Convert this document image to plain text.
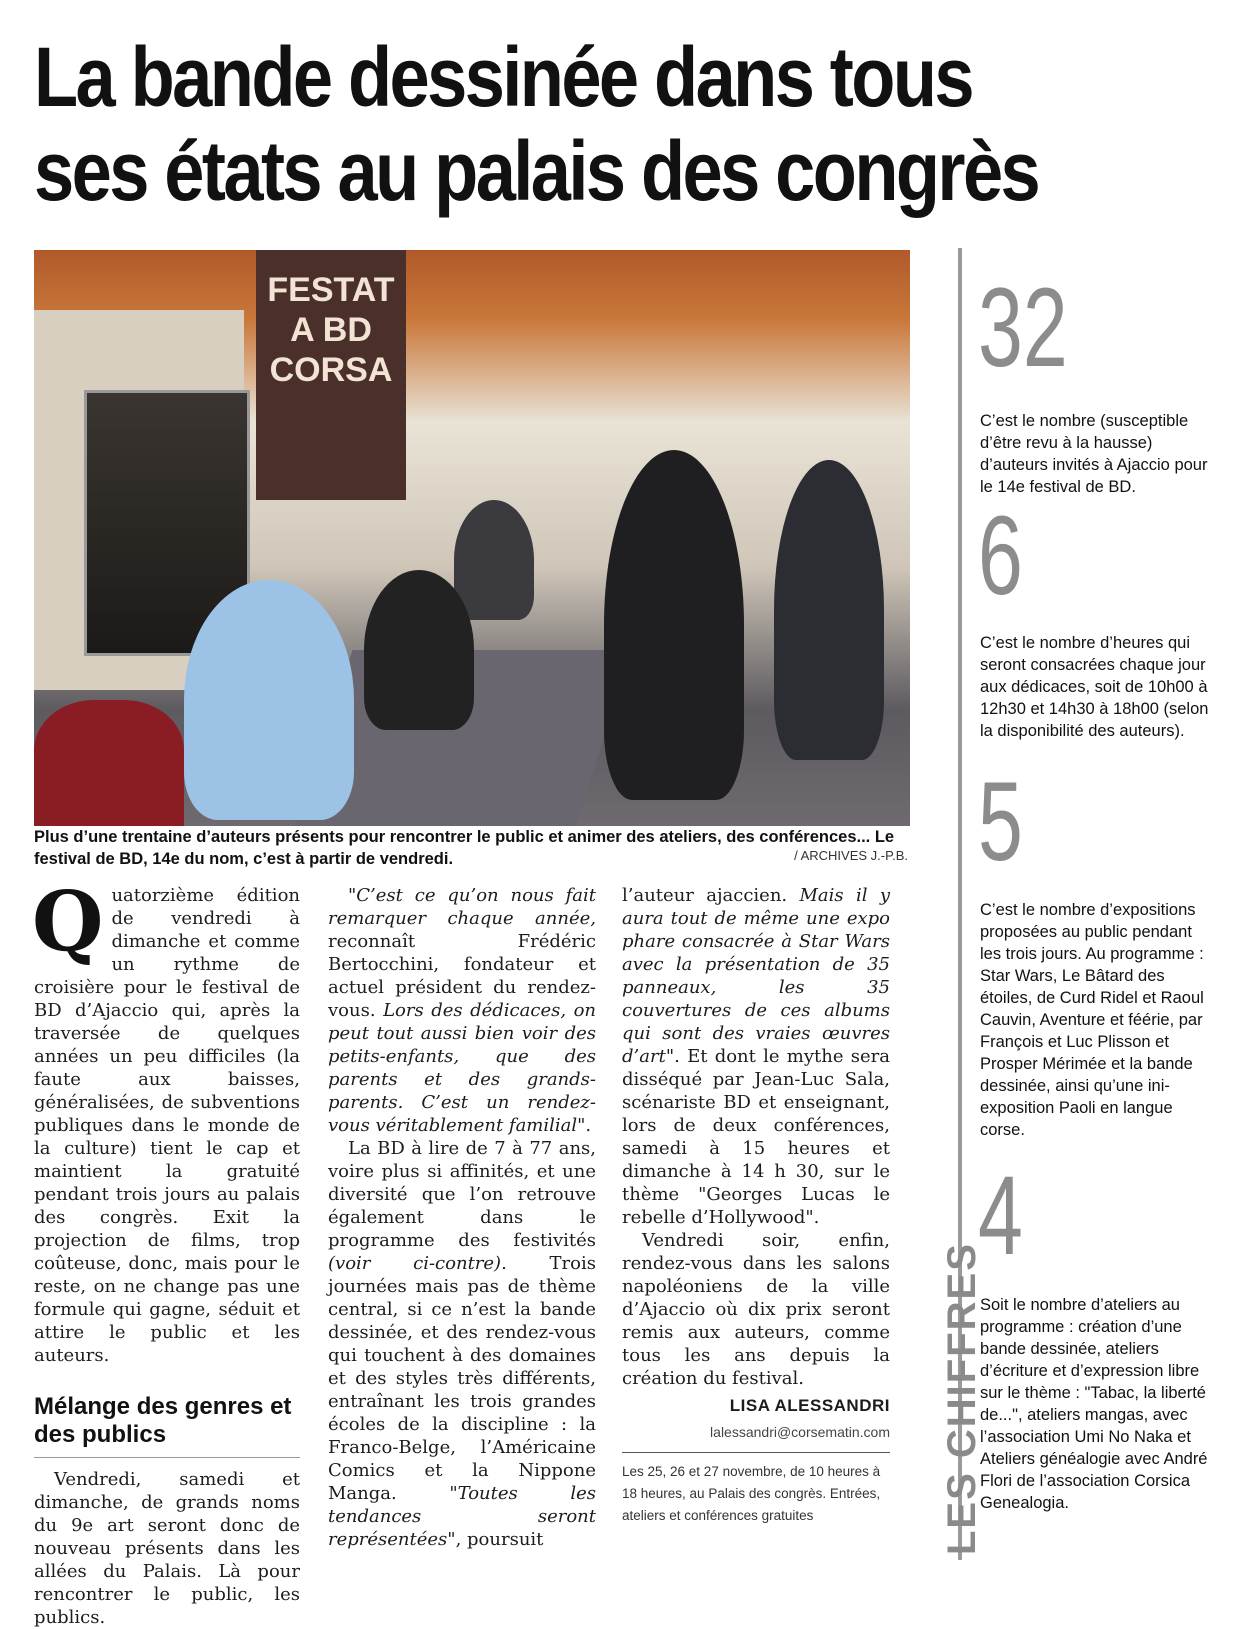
La bande dessinée dans tous
ses états au palais des congrès
FESTAT A BD CORSA
Plus d’une trentaine d’auteurs présents pour rencontrer le public et animer des ateliers, des conférences... Le festival de BD, 14e du nom, c’est à partir de vendredi.	/ ARCHIVES J.-P.B.

Quatorzième édition de vendredi à dimanche et comme un rythme de croisière pour le festival de BD d’Ajaccio qui, après la traversée de quelques années un peu difficiles (la faute aux baisses, généralisées, de subventions publiques dans le monde de la culture) tient le cap et maintient la gratuité pendant trois jours au palais des congrès. Exit la projection de films, trop coûteuse, donc, mais pour le reste, on ne change pas une formule qui gagne, séduit et attire le public et les auteurs.

Mélange des genres et des publics

Vendredi, samedi et dimanche, de grands noms du 9e art seront donc de nouveau présents dans les allées du Palais. Là pour rencontrer le public, les publics.

"C’est ce qu’on nous fait remarquer chaque année, reconnaît Frédéric Bertocchini, fondateur et actuel président du rendez-vous. Lors des dédicaces, on peut tout aussi bien voir des petits-enfants, que des parents et des grands-parents. C’est un rendez-vous véritablement familial".

La BD à lire de 7 à 77 ans, voire plus si affinités, et une diversité que l’on retrouve également dans le programme des festivités (voir ci-contre). Trois journées mais pas de thème central, si ce n’est la bande dessinée, et des rendez-vous qui touchent à des domaines et des styles très différents, entraînant les trois grandes écoles de la discipline : la Franco-Belge, l’Américaine Comics et la Nippone Manga. "Toutes les tendances seront représentées", poursuit

l’auteur ajaccien. Mais il y aura tout de même une expo phare consacrée à Star Wars avec la présentation de 35 panneaux, les 35 couvertures de ces albums qui sont des vraies œuvres d’art". Et dont le mythe sera disséqué par Jean-Luc Sala, scénariste BD et enseignant, lors de deux conférences, samedi à 15 heures et dimanche à 14 h 30, sur le thème "Georges Lucas le rebelle d’Hollywood".

Vendredi soir, enfin, rendez-vous dans les salons napoléoniens de la ville d’Ajaccio où dix prix seront remis aux auteurs, comme tous les ans depuis la création du festival.

LISA ALESSANDRI
lalessandri@corsematin.com
Les 25, 26 et 27 novembre, de 10 heures à 18 heures, au Palais des congrès. Entrées, ateliers et conférences gratuites	LES CHIFFRES
32
C’est le nombre (susceptible d’être revu à la hausse) d’auteurs invités à Ajaccio pour le 14e festival de BD.
6
C’est le nombre d’heures qui seront consacrées chaque jour aux dédicaces, soit de 10h00 à 12h30 et 14h30 à 18h00 (selon la disponibilité des auteurs).
5
C’est le nombre d’expositions proposées au public pendant les trois jours. Au programme : Star Wars, Le Bâtard des étoiles, de Curd Ridel et Raoul Cauvin, Aventure et féérie, par François et Luc Plisson et Prosper Mérimée et la bande dessinée, ainsi qu’une ini-exposition Paoli en langue corse.
4
Soit le nombre d’ateliers au programme : création d’une bande dessinée, ateliers d’écriture et d’expression libre sur le thème : "Tabac, la liberté de...", ateliers mangas, avec l’association Umi No Naka et Ateliers généalogie avec André Flori de l’association Corsica Genealogia.
